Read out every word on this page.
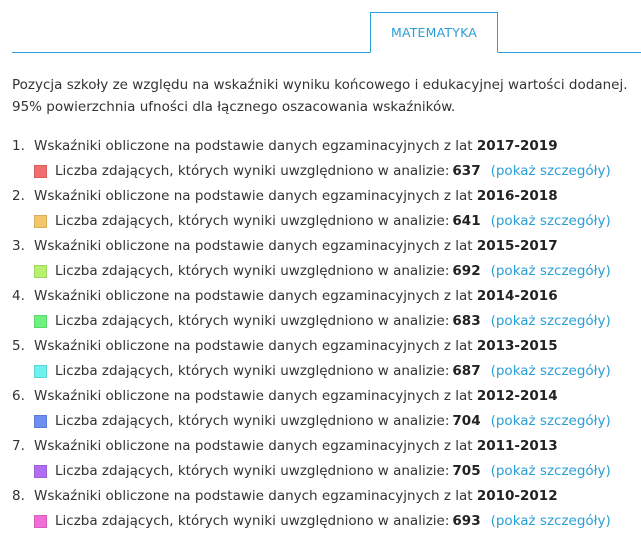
MATEMATYKA

Pozycja szkoły ze względu na wskaźniki wyniku końcowego i edukacyjnej wartości dodanej.

95% powierzchnia ufności dla łącznego oszacowania wskaźników.

1. Wskaźniki obliczone na podstawie danych egzaminacyjnych z lat 2017-2019
Liczba zdających, których wyniki uwzględniono w analizie: 637 (pokaż szczegóły)
2. Wskaźniki obliczone na podstawie danych egzaminacyjnych z lat 2016-2018
Liczba zdających, których wyniki uwzględniono w analizie: 641 (pokaż szczegóły)
3. Wskaźniki obliczone na podstawie danych egzaminacyjnych z lat 2015-2017
Liczba zdających, których wyniki uwzględniono w analizie: 692 (pokaż szczegóły)
4. Wskaźniki obliczone na podstawie danych egzaminacyjnych z lat 2014-2016
Liczba zdających, których wyniki uwzględniono w analizie: 683 (pokaż szczegóły)
5. Wskaźniki obliczone na podstawie danych egzaminacyjnych z lat 2013-2015
Liczba zdających, których wyniki uwzględniono w analizie: 687 (pokaż szczegóły)
6. Wskaźniki obliczone na podstawie danych egzaminacyjnych z lat 2012-2014
Liczba zdających, których wyniki uwzględniono w analizie: 704 (pokaż szczegóły)
7. Wskaźniki obliczone na podstawie danych egzaminacyjnych z lat 2011-2013
Liczba zdających, których wyniki uwzględniono w analizie: 705 (pokaż szczegóły)
8. Wskaźniki obliczone na podstawie danych egzaminacyjnych z lat 2010-2012
Liczba zdających, których wyniki uwzględniono w analizie: 693 (pokaż szczegóły)
